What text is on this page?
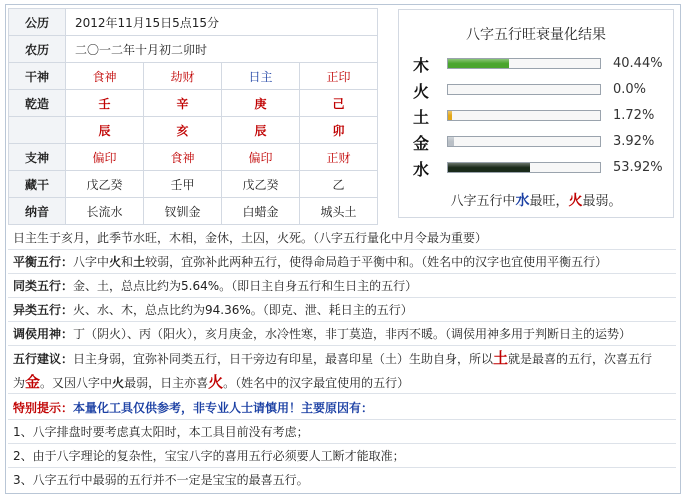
公历	2012年11月15日5点15分			
农历	二〇一二年十月初二卯时			
干神	食神	劫财	日主	正印
乾造	壬	辛	庚	己
	辰	亥	辰	卯
支神	偏印	食神	偏印	正财
藏干	戊乙癸	壬甲	戊乙癸	乙
纳音	长流水	钗钏金	白蜡金	城头土
八字五行旺衰量化结果
木	40.44%
火	0.0%
土	1.72%
金	3.92%
水	53.92%
八字五行中水最旺，火最弱。
日主生于亥月，此季节水旺，木相，金休，土囚，火死。（八字五行量化中月令最为重要）
平衡五行：八字中火和土较弱，宜弥补此两种五行，使得命局趋于平衡中和。（姓名中的汉字也宜使用平衡五行）
同类五行：金、土，总点比约为5.64%。（即日主自身五行和生日主的五行）
异类五行：火、水、木，总点比约为94.36%。（即克、泄、耗日主的五行）
调侯用神：丁（阴火）、丙（阳火），亥月庚金，水冷性寒，非丁莫造，非丙不暖。（调侯用神多用于判断日主的运势）
五行建议：日主身弱，宜弥补同类五行，日干旁边有印星，最喜印星（土）生助自身，所以土就是最喜的五行，次喜五行
为金。又因八字中火最弱，日主亦喜火。（姓名中的汉字最宜使用的五行）
特别提示：本量化工具仅供参考，非专业人士请慎用！主要原因有：
1、八字排盘时要考虑真太阳时，本工具目前没有考虑；
2、由于八字理论的复杂性，宝宝八字的喜用五行必须要人工断才能取准；
3、八字五行中最弱的五行并不一定是宝宝的最喜五行。
